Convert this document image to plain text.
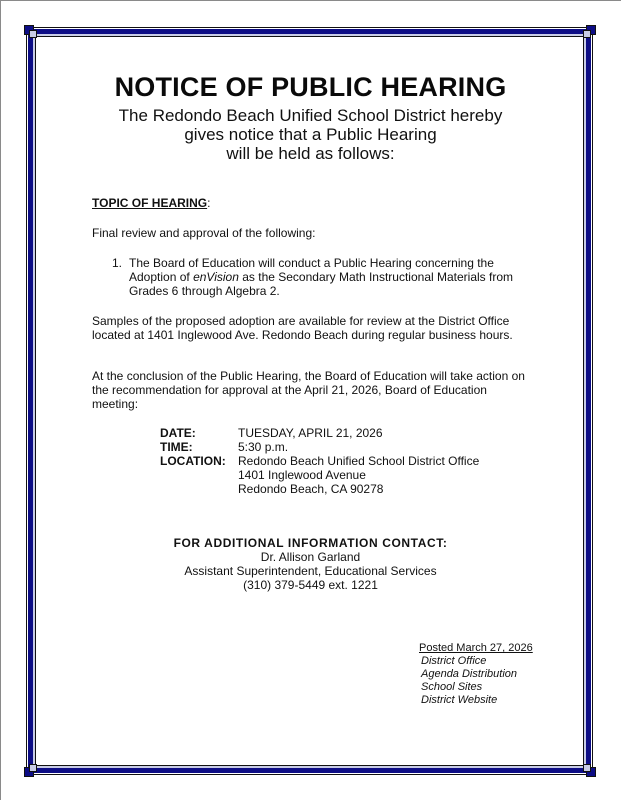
NOTICE OF PUBLIC HEARING
The Redondo Beach Unified School District hereby
gives notice that a Public Hearing
will be held as follows:
TOPIC OF HEARING:
Final review and approval of the following:
1. The Board of Education will conduct a Public Hearing concerning the
Adoption of enVision as the Secondary Math Instructional Materials from
Grades 6 through Algebra 2.
Samples of the proposed adoption are available for review at the District Office
located at 1401 Inglewood Ave. Redondo Beach during regular business hours.
At the conclusion of the Public Hearing, the Board of Education will take action on
the recommendation for approval at the April 21, 2026, Board of Education
meeting:
DATE:	TUESDAY, APRIL 21, 2026
TIME:	5:30 p.m.
LOCATION:	Redondo Beach Unified School District Office
1401 Inglewood Avenue
Redondo Beach, CA 90278
FOR ADDITIONAL INFORMATION CONTACT:
Dr. Allison Garland
Assistant Superintendent, Educational Services
(310) 379-5449 ext. 1221
Posted March 27, 2026
District Office
Agenda Distribution
School Sites
District Website
